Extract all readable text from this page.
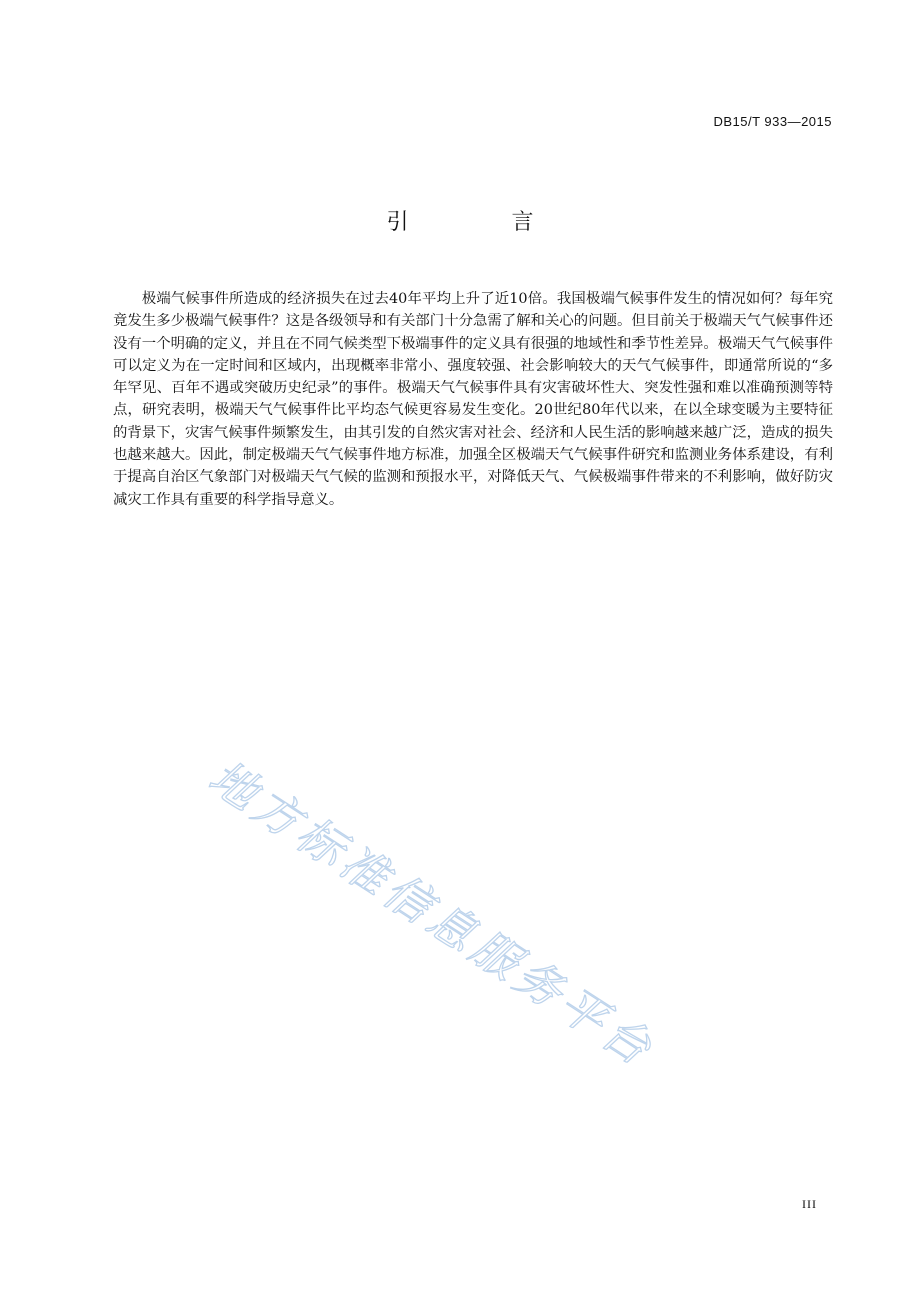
DB15/T 933—2015
引 言

极端气候事件所造成的经济损失在过去40年平均上升了近10倍。我国极端气候事件发生的情况如何？每年究竟发生多少极端气候事件？这是各级领导和有关部门十分急需了解和关心的问题。但目前关于极端天气气候事件还没有一个明确的定义，并且在不同气候类型下极端事件的定义具有很强的地域性和季节性差异。极端天气气候事件可以定义为在一定时间和区域内，出现概率非常小、强度较强、社会影响较大的天气气候事件，即通常所说的“多年罕见、百年不遇或突破历史纪录”的事件。极端天气气候事件具有灾害破坏性大、突发性强和难以准确预测等特点，研究表明，极端天气气候事件比平均态气候更容易发生变化。20世纪80年代以来，在以全球变暖为主要特征的背景下，灾害气候事件频繁发生，由其引发的自然灾害对社会、经济和人民生活的影响越来越广泛，造成的损失也越来越大。因此，制定极端天气气候事件地方标准，加强全区极端天气气候事件研究和监测业务体系建设，有利于提高自治区气象部门对极端天气气候的监测和预报水平，对降低天气、气候极端事件带来的不利影响，做好防灾减灾工作具有重要的科学指导意义。

地方标准信息服务平台
III
